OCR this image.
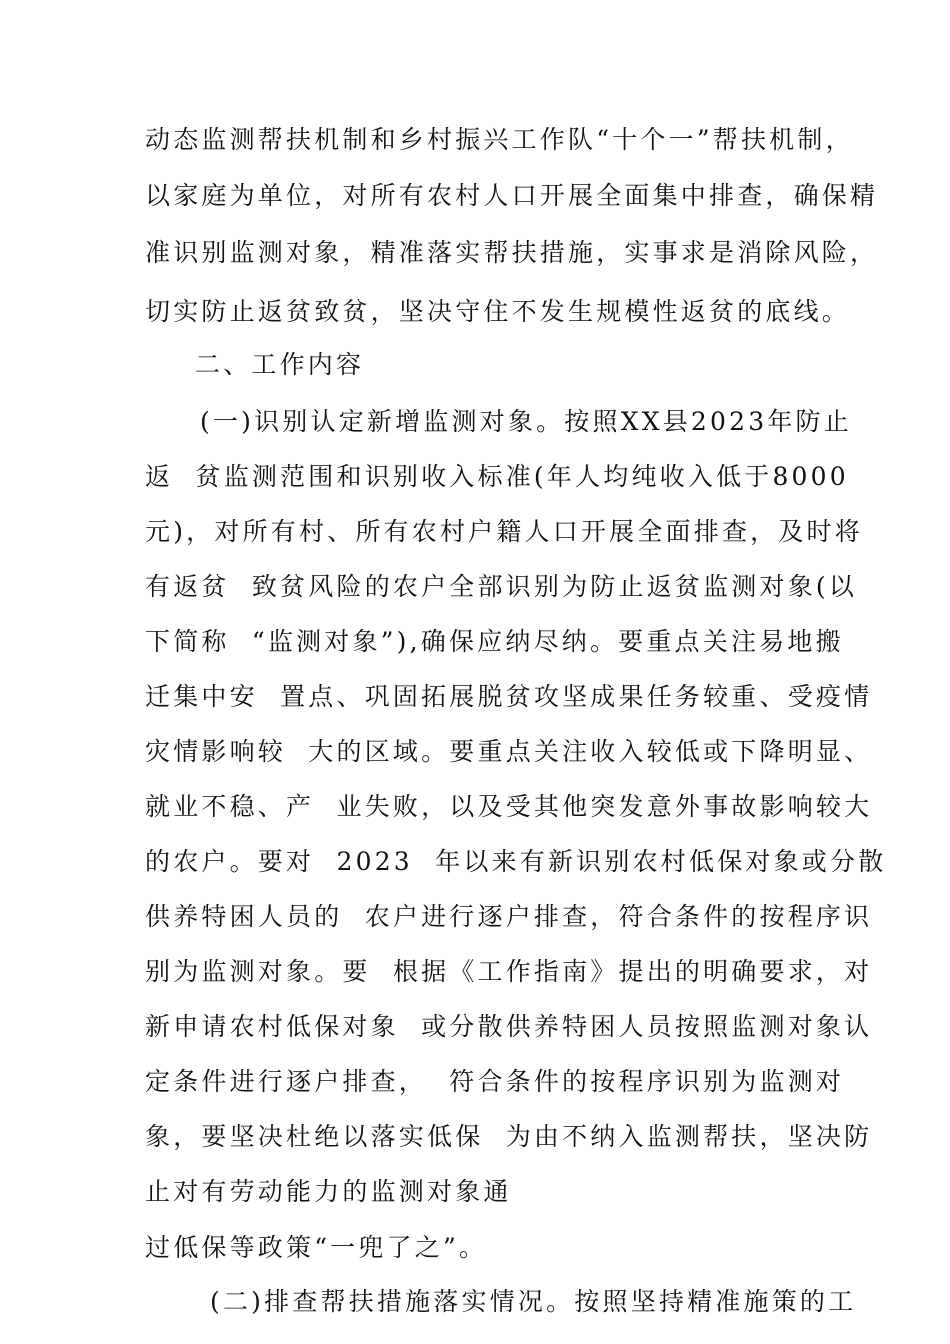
动态监测帮扶机制和乡村振兴工作队“十个一”帮扶机制，
以家庭为单位，对所有农村人口开展全面集中排查，确保精
准识别监测对象，精准落实帮扶措施，实事求是消除风险，
切实防止返贫致贫，坚决守住不发生规模性返贫的底线。
二、工作内容
(一)识别认定新增监测对象。按照XX县2023年防止
返  贫监测范围和识别收入标准(年人均纯收入低于8000
元)，对所有村、所有农村户籍人口开展全面排查，及时将
有返贫  致贫风险的农户全部识别为防止返贫监测对象(以
下简称  “监测对象”),确保应纳尽纳。要重点关注易地搬
迁集中安  置点、巩固拓展脱贫攻坚成果任务较重、受疫情
灾情影响较  大的区域。要重点关注收入较低或下降明显、
就业不稳、产  业失败，以及受其他突发意外事故影响较大
的农户。要对  2023  年以来有新识别农村低保对象或分散
供养特困人员的  农户进行逐户排查，符合条件的按程序识
别为监测对象。要  根据《工作指南》提出的明确要求，对
新申请农村低保对象  或分散供养特困人员按照监测对象认
定条件进行逐户排查，  符合条件的按程序识别为监测对
象，要坚决杜绝以落实低保  为由不纳入监测帮扶，坚决防
止对有劳动能力的监测对象通
过低保等政策“一兜了之”。
(二)排查帮扶措施落实情况。按照坚持精准施策的工
